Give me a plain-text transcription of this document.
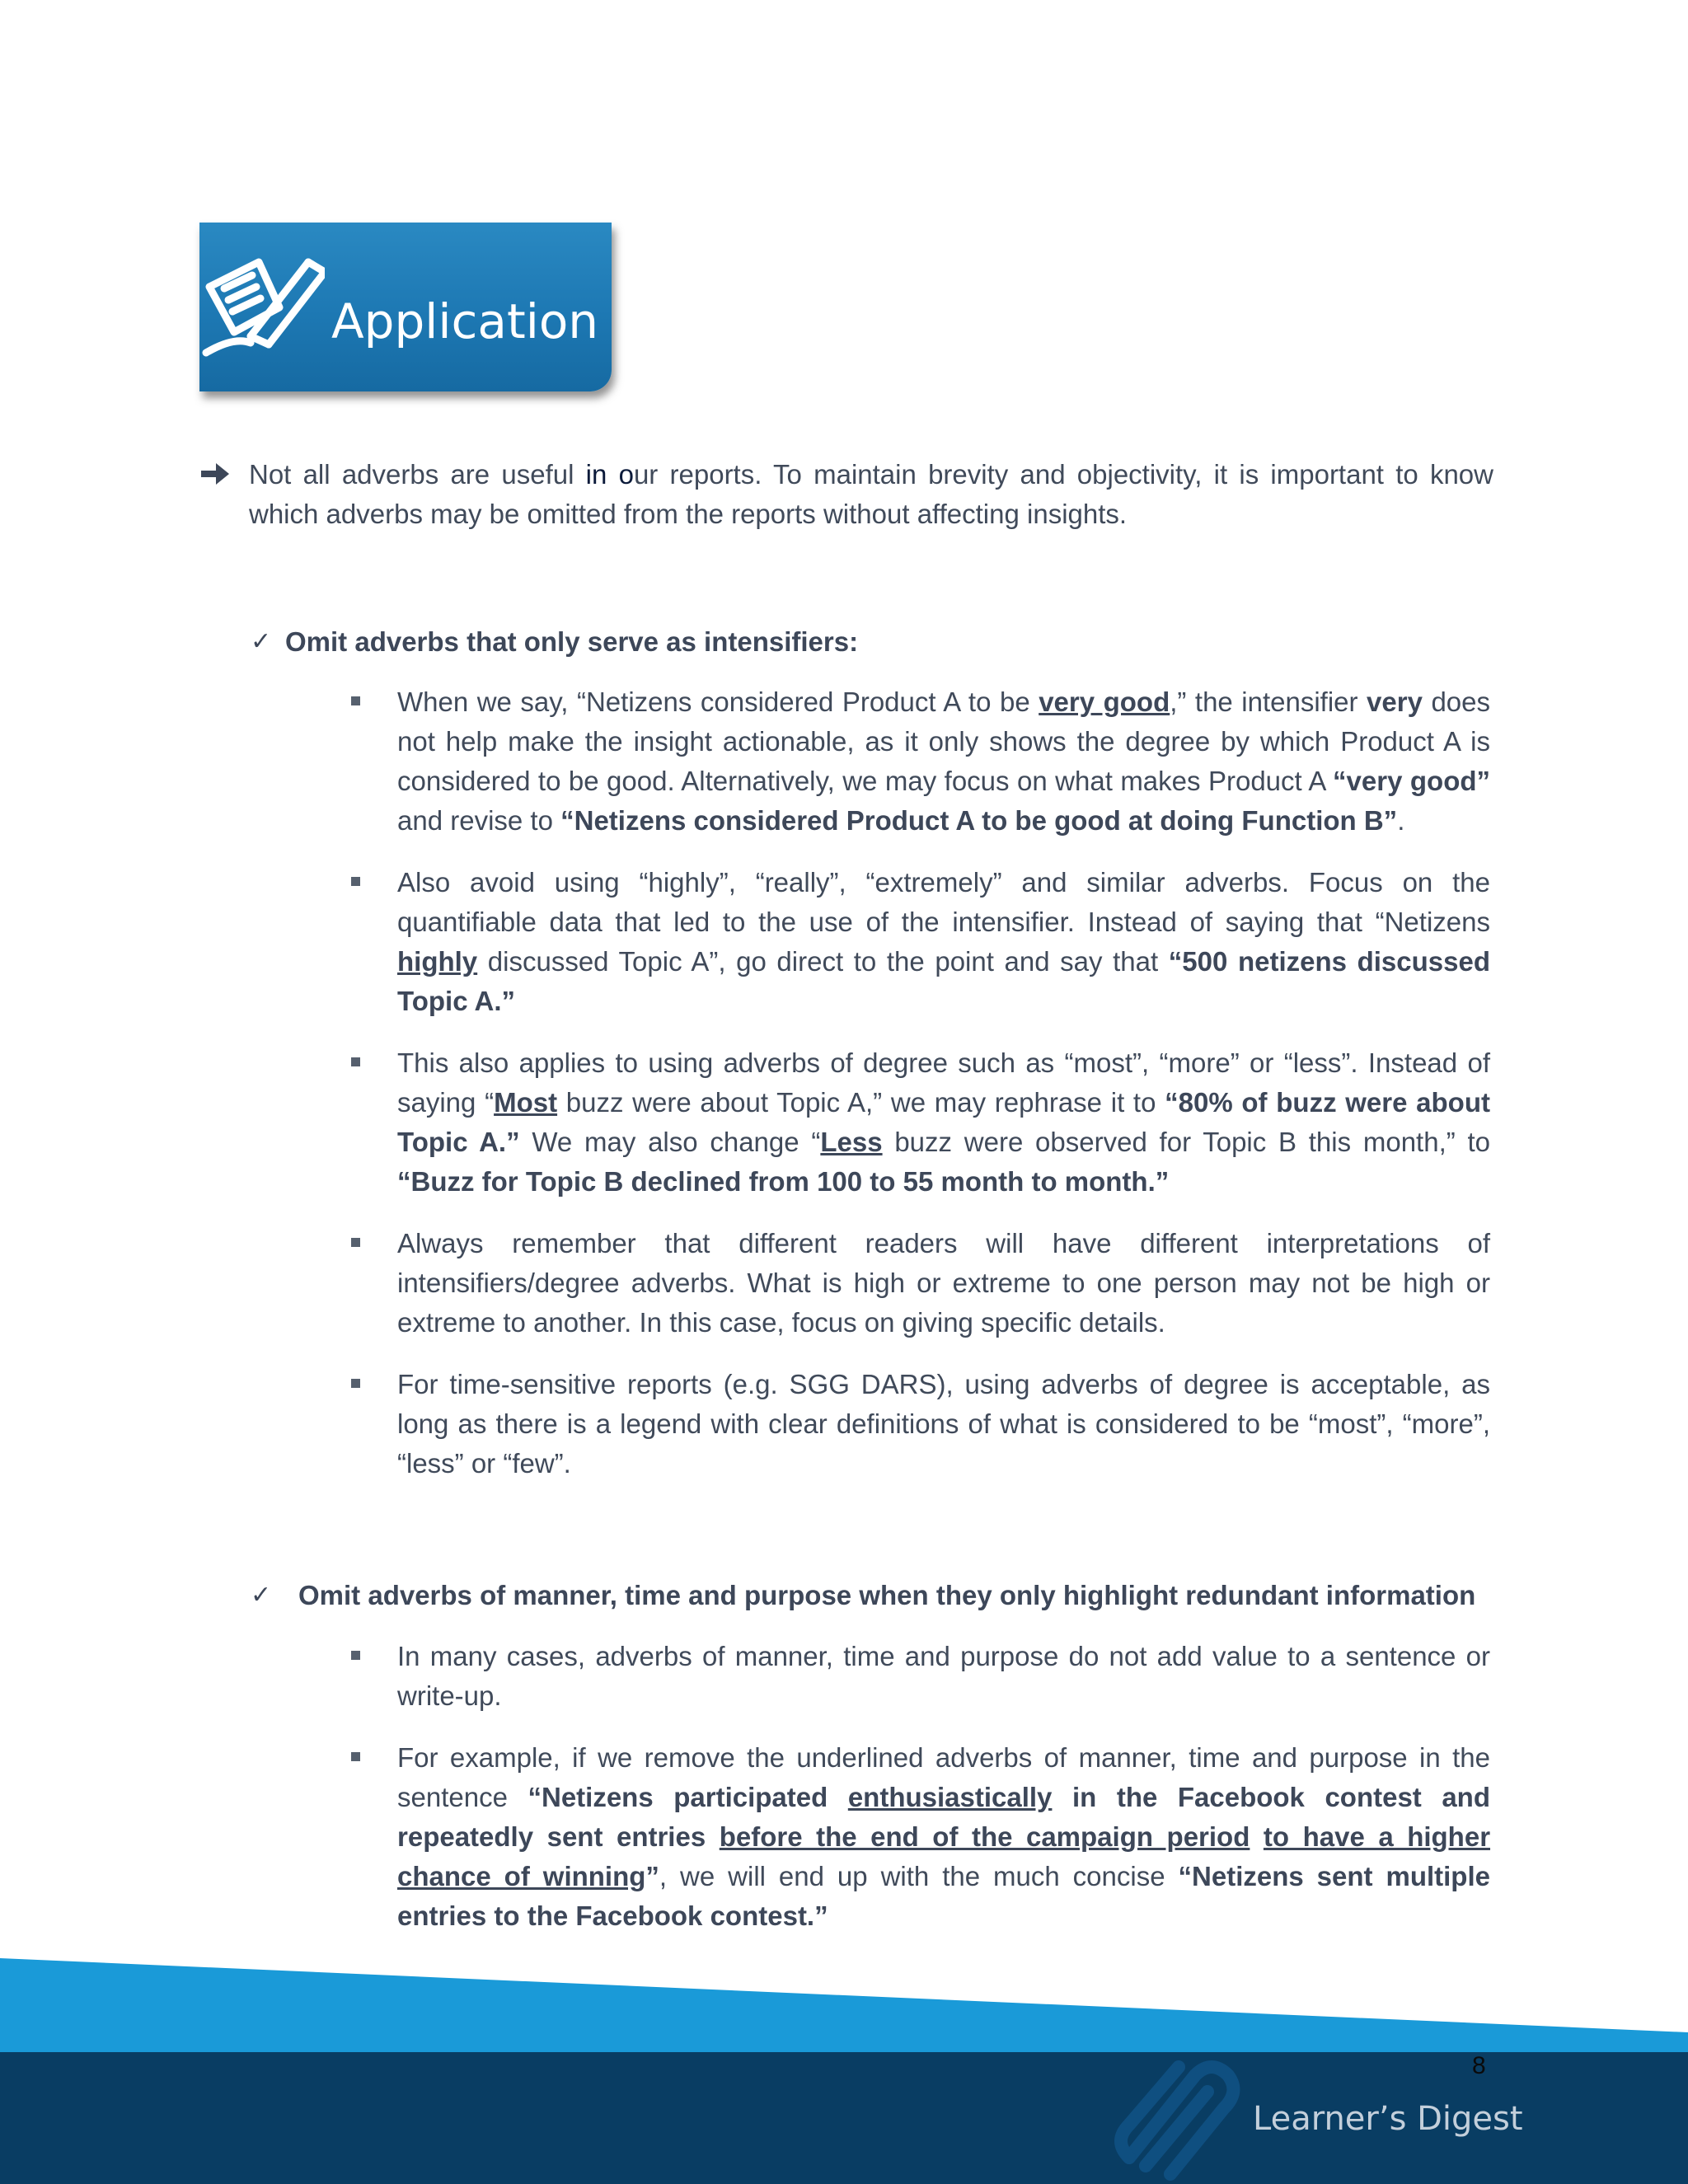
Application
Not all adverbs are useful in our reports. To maintain brevity and objectivity, it is important to know which adverbs may be omitted from the reports without affecting insights.
✓ Omit adverbs that only serve as intensifiers:
When we say, “Netizens considered Product A to be very good,” the intensifier very does not help make the insight actionable, as it only shows the degree by which Product A is considered to be good. Alternatively, we may focus on what makes Product A “very good” and revise to “Netizens considered Product A to be good at doing Function B”.
Also avoid using “highly”, “really”, “extremely” and similar adverbs. Focus on the quantifiable data that led to the use of the intensifier. Instead of saying that “Netizens highly discussed Topic A”, go direct to the point and say that “500 netizens discussed Topic A.”
This also applies to using adverbs of degree such as “most”, “more” or “less”. Instead of saying “Most buzz were about Topic A,” we may rephrase it to “80% of buzz were about Topic A.” We may also change “Less buzz were observed for Topic B this month,” to “Buzz for Topic B declined from 100 to 55 month to month.”
Always remember that different readers will have different interpretations of intensifiers/degree adverbs. What is high or extreme to one person may not be high or extreme to another. In this case, focus on giving specific details.
For time-sensitive reports (e.g. SGG DARS), using adverbs of degree is acceptable, as long as there is a legend with clear definitions of what is considered to be “most”, “more”, “less” or “few”.
✓ Omit adverbs of manner, time and purpose when they only highlight redundant information
In many cases, adverbs of manner, time and purpose do not add value to a sentence or write-up.
For example, if we remove the underlined adverbs of manner, time and purpose in the sentence “Netizens participated enthusiastically in the Facebook contest and repeatedly sent entries before the end of the campaign period to have a higher chance of winning”, we will end up with the much concise “Netizens sent multiple entries to the Facebook contest.”
8
Learner’s Digest
